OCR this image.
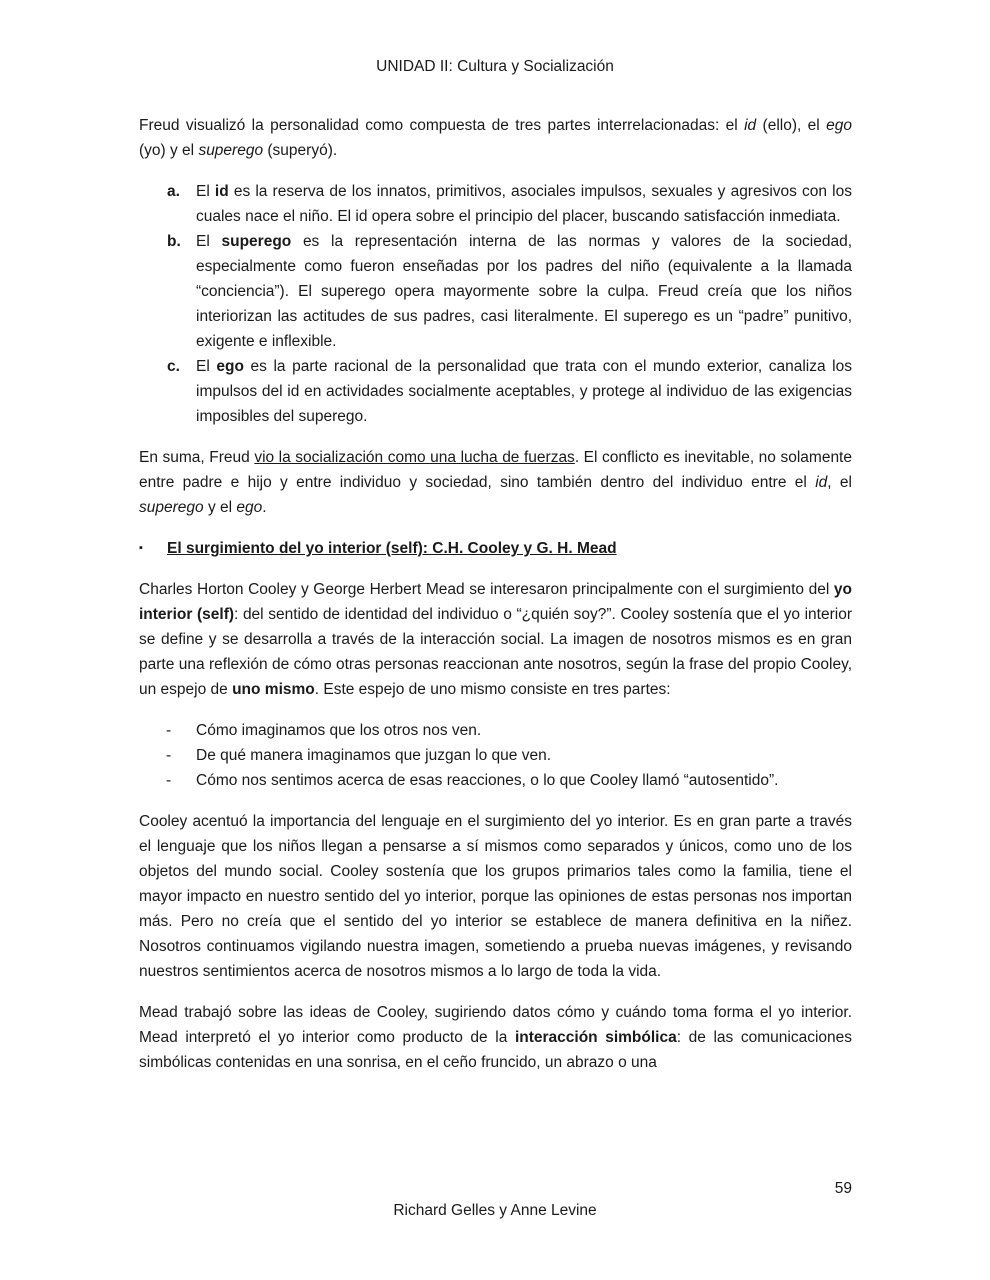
UNIDAD II: Cultura y Socialización

Freud visualizó la personalidad como compuesta de tres partes interrelacionadas: el id (ello), el ego (yo) y el superego (superyó).

a.	El id es la reserva de los innatos, primitivos, asociales impulsos, sexuales y agresivos con los cuales nace el niño. El id opera sobre el principio del placer, buscando satisfacción inmediata.
b. El superego es la representación interna de las normas y valores de la sociedad, especialmente como fueron enseñadas por los padres del niño (equivalente a la llamada “conciencia”). El superego opera mayormente sobre la culpa. Freud creía que los niños interiorizan las actitudes de sus padres, casi literalmente. El superego es un “padre” punitivo, exigente e inflexible.
c.	El ego es la parte racional de la personalidad que trata con el mundo exterior, canaliza los impulsos del id en actividades socialmente aceptables, y protege al individuo de las exigencias imposibles del superego.

En suma, Freud vio la socialización como una lucha de fuerzas. El conflicto es inevitable, no solamente entre padre e hijo y entre individuo y sociedad, sino también dentro del individuo entre el id, el superego y el ego.

▪	El surgimiento del yo interior (self): C.H. Cooley y G. H. Mead

Charles Horton Cooley y George Herbert Mead se interesaron principalmente con el surgimiento del yo interior (self): del sentido de identidad del individuo o “¿quién soy?”. Cooley sostenía que el yo interior se define y se desarrolla a través de la interacción social. La imagen de nosotros mismos es en gran parte una reflexión de cómo otras personas reaccionan ante nosotros, según la frase del propio Cooley, un espejo de uno mismo. Este espejo de uno mismo consiste en tres partes:

-	Cómo imaginamos que los otros nos ven.
-	De qué manera imaginamos que juzgan lo que ven.
-	Cómo nos sentimos acerca de esas reacciones, o lo que Cooley llamó “autosentido”.

Cooley acentuó la importancia del lenguaje en el surgimiento del yo interior. Es en gran parte a través el lenguaje que los niños llegan a pensarse a sí mismos como separados y únicos, como uno de los objetos del mundo social. Cooley sostenía que los grupos primarios tales como la familia, tiene el mayor impacto en nuestro sentido del yo interior, porque las opiniones de estas personas nos importan más. Pero no creía que el sentido del yo interior se establece de manera definitiva en la niñez. Nosotros continuamos vigilando nuestra imagen, sometiendo a prueba nuevas imágenes, y revisando nuestros sentimientos acerca de nosotros mismos a lo largo de toda la vida.

Mead trabajó sobre las ideas de Cooley, sugiriendo datos cómo y cuándo toma forma el yo interior. Mead interpretó el yo interior como producto de la interacción simbólica: de las comunicaciones simbólicas contenidas en una sonrisa, en el ceño fruncido, un abrazo o una

59
Richard Gelles y Anne Levine
